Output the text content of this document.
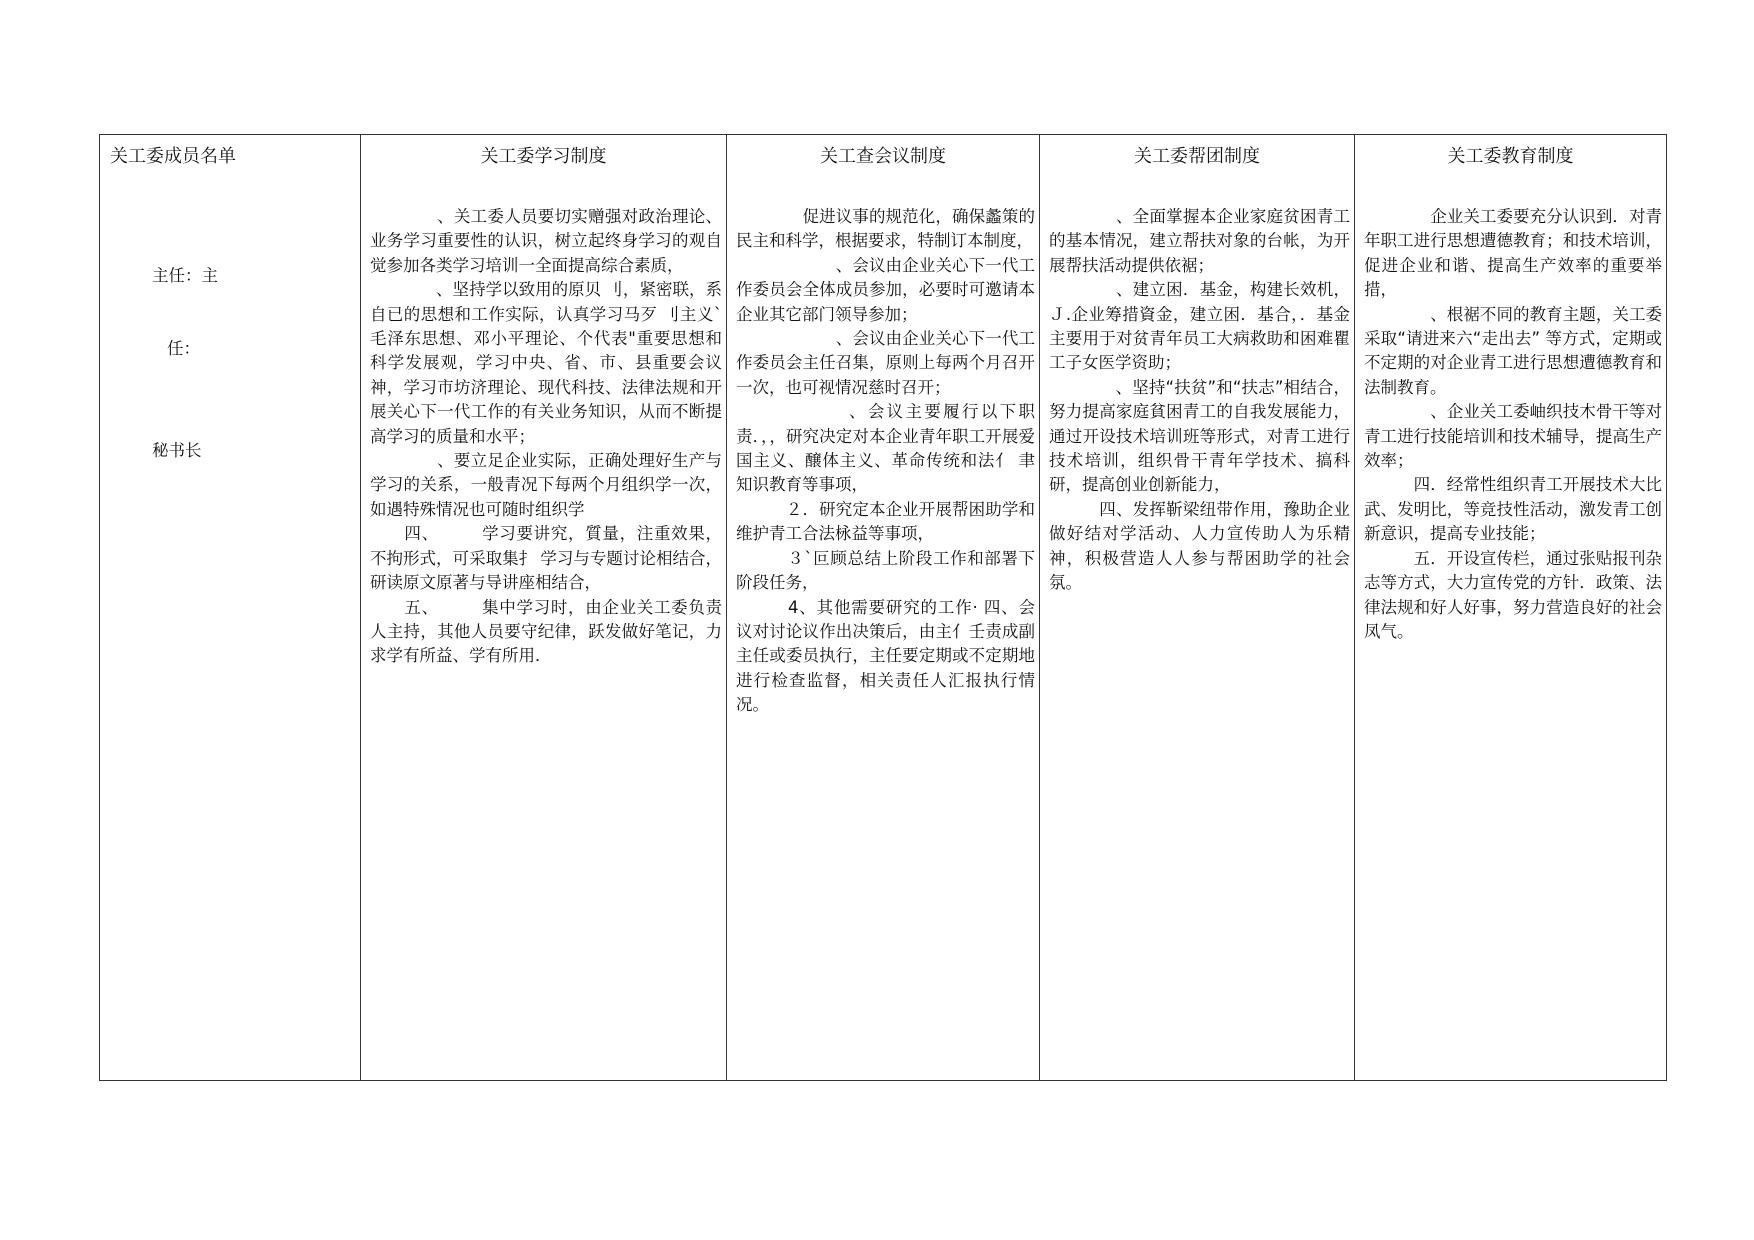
关工委成员名单

主任：主

任：

秘书长

关工委学习制度
　　　　、关工委人员要切实赠强对政治理论、业务学习重要性的认识，树立起终身学习的观自觉参加各类学习培训一全面提高综合素质，
　　　　、坚持学以致用的原贝 刂，紧密联，系自已的思想和工作实际，认真学习马歹 刂主义`毛泽东思想、邓小平理论、个代表"重要思想和科学发展观，学习中央、省、市、县重要会议神，学习市坊济理论、现代科技、法律法规和开展关心下一代工作的有关业务知识，从而不断提高学习的质量和水平；
　　　　、要立足企业实际，正确处理好生产与学习的关系，一般青况下每两个月组织学一次，如遇特殊情况也可随时组织学
　　四、　　　学习要讲究，質量，注重效果，不拘形式，可采取集扌 学习与专题讨论相结合，研读原文原著与导讲座相结合，
　　五、　　　集中学习时，由企业关工委负责人主持，其他人员要守纪律，跃发做好笔记，力求学有所益、学有所用．
关工查会议制度
　　　　促进议事的规范化，确保蠡策的民主和科学，根据要求，特制订本制度，
　　　　　　、会议由企业关心下一代工作委员会全体成员参加，必要时可邀请本企业其它部门领导参加；
　　　　　　、会议由企业关心下一代工作委员会主任召集，原则上每两个月召开一次，也可视情况慈时召开；
　　　　　　、会议主要履行以下职责．，，研究决定对本企业青年职工开展爱国主义、醸体主义、革命传统和法亻 聿知识教育等事项，
　　　２．研究定本企业开展帮困助学和维护青工合法栐益等事项，
　　　３`叵顾总结上阶段工作和部署下阶段任务，
　　　4、其他需要研究的工作· 四、会议对讨论议作出决策后，由主亻壬责成副主任或委员执行，主任要定期或不定期地进行检查监督，相关责任人汇报执行情况。
关工委帮团制度
　　　　、全面掌握本企业家庭贫困青工的基本情况，建立帮扶对象的台帐，为开展帮扶活动提供依裾；
　　　　、建立困．基金，构建长效机，Ｊ.企业筹措資金，建立困．基合，．基金主要用于对贫青年员工大病救助和困难瞿工子女医学资助；
　　　　、坚持“扶贫”和“扶志”相结合，努力提高家庭貧困青工的自我发展能力，通过开设技术培训班等形式，对青工进行技术培训，组织骨干青年学技术、搞科研，提高创业创新能力，
　　　四、发挥靳梁纽带作用，豫助企业做好结对学活动、人力宣传助人为乐精神，积极营造人人参与帮困助学的社会氛。
关工委教育制度
　　　　企业关工委要充分认识到．对青年职工进行思想遭德教育；和技术培训，促进企业和谐、提高生产效率的重要举措，
　　　　、根裾不同的教育主题，关工委采取“请进来六“走出去” 等方式，定期或不定期的对企业青工进行思想遭德教育和法制教育。
　　　　、企业关工委岫织技木骨干等对青工进行技能培训和技术辅导，提高生产效率；
　　　四．经常性组织青工开展技术大比武、发明比，等竞技性活动，激发青工创新意识，提高专业技能；
　　　五．开设宣传栏，通过张贴报刊杂志等方式，大力宣传党的方针．政策、法律法规和好人好事，努力营造良好的社会凤气。
